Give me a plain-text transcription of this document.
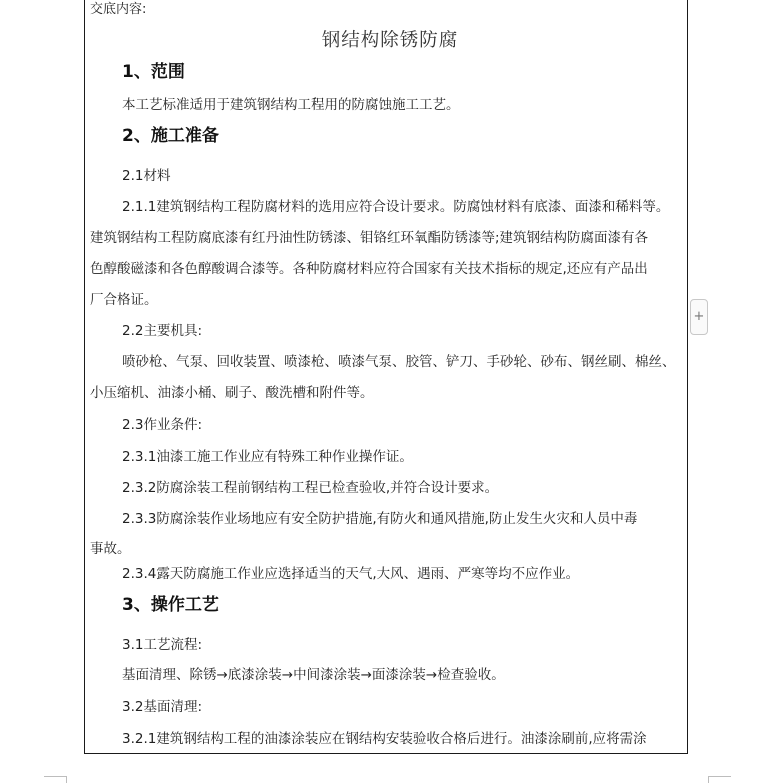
交底内容:
钢结构除锈防腐
1、范围
本工艺标准适用于建筑钢结构工程用的防腐蚀施工工艺。
2、施工准备
2.1材料
2.1.1建筑钢结构工程防腐材料的选用应符合设计要求。防腐蚀材料有底漆、面漆和稀料等。
建筑钢结构工程防腐底漆有红丹油性防锈漆、钼铬红环氧酯防锈漆等;建筑钢结构防腐面漆有各
色醇酸磁漆和各色醇酸调合漆等。各种防腐材料应符合国家有关技术指标的规定,还应有产品出
厂合格证。
2.2主要机具:
喷砂枪、气泵、回收装置、喷漆枪、喷漆气泵、胶管、铲刀、手砂轮、砂布、钢丝刷、棉丝、
小压缩机、油漆小桶、刷子、酸洗槽和附件等。
2.3作业条件:
2.3.1油漆工施工作业应有特殊工种作业操作证。
2.3.2防腐涂装工程前钢结构工程已检查验收,并符合设计要求。
2.3.3防腐涂装作业场地应有安全防护措施,有防火和通风措施,防止发生火灾和人员中毒
事故。
2.3.4露天防腐施工作业应选择适当的天气,大风、遇雨、严寒等均不应作业。
3、操作工艺
3.1工艺流程:
基面清理、除锈→底漆涂装→中间漆涂装→面漆涂装→检查验收。
3.2基面清理:
3.2.1建筑钢结构工程的油漆涂装应在钢结构安装验收合格后进行。油漆涂刷前,应将需涂
+
